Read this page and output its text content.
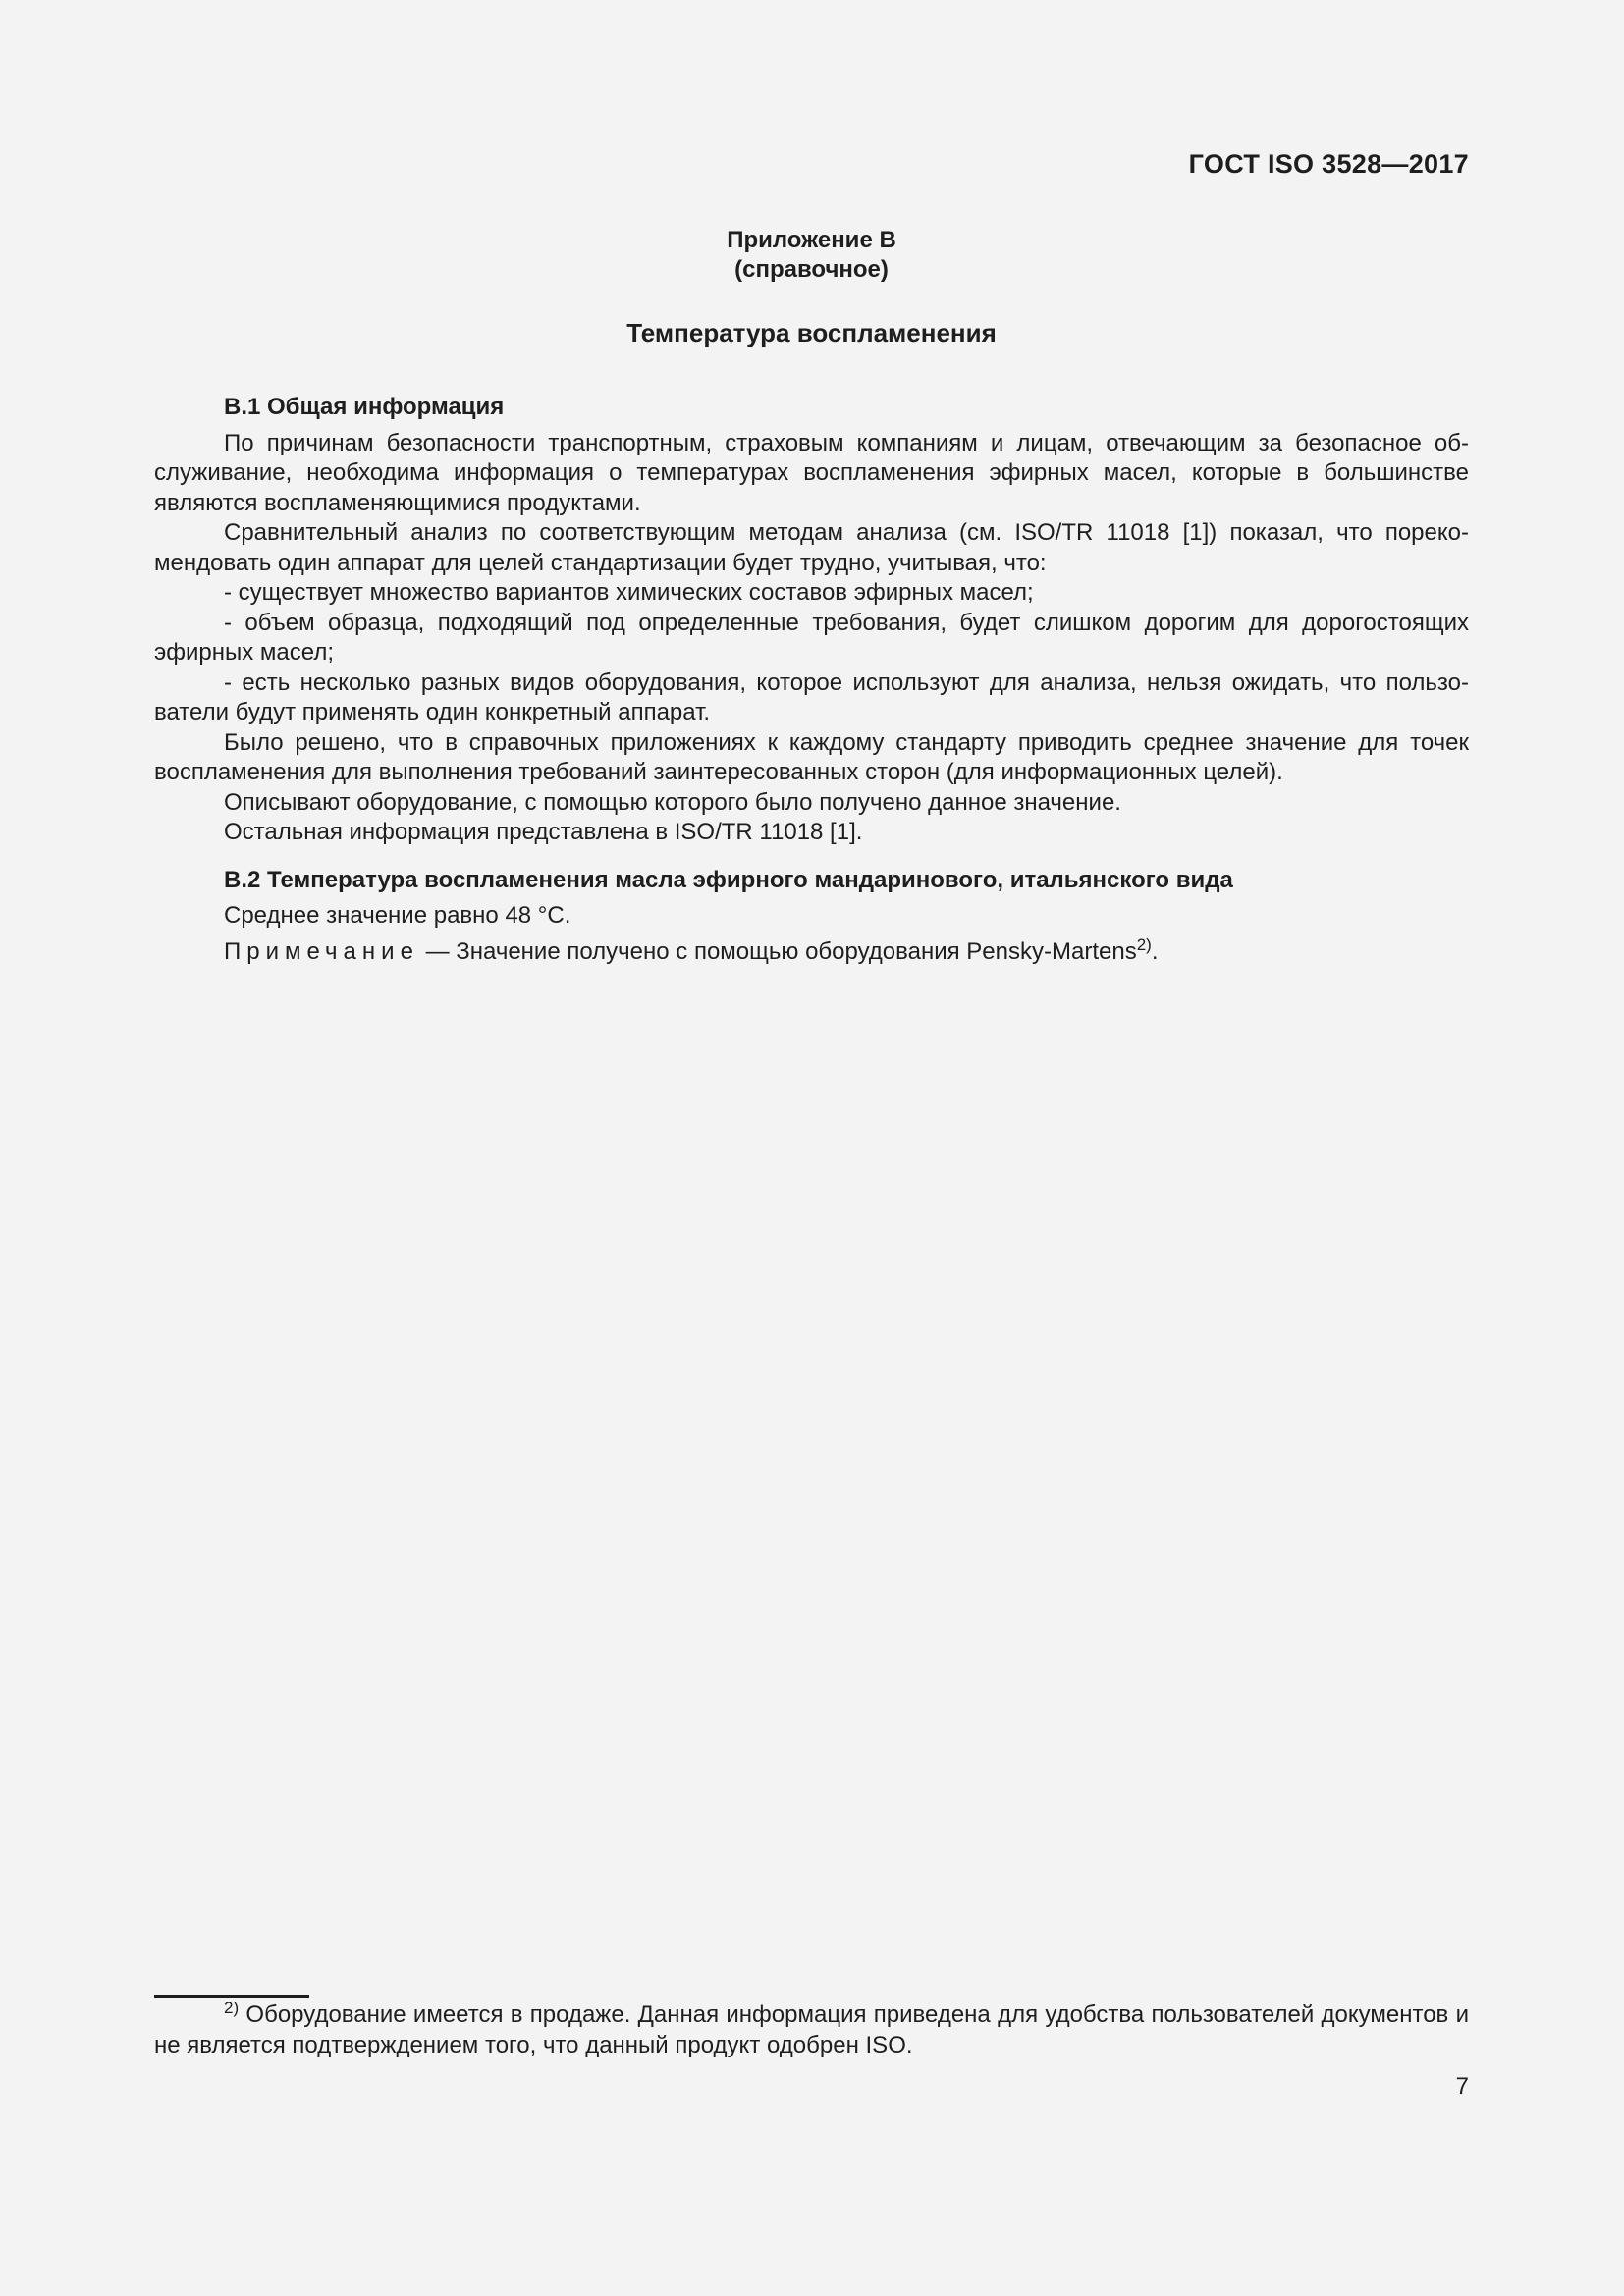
ГОСТ ISO 3528—2017
Приложение В
(справочное)
Температура воспламенения

В.1 Общая информация

По причинам безопасности транспортным, страховым компаниям и лицам, отвечающим за безопасное обслуживание, необходима информация о температурах воспламенения эфирных масел, которые в большинстве являются воспламеняющимися продуктами.

Сравнительный анализ по соответствующим методам анализа (см. ISO/TR 11018 [1]) показал, что порекомендовать один аппарат для целей стандартизации будет трудно, учитывая, что:

- существует множество вариантов химических составов эфирных масел;

- объем образца, подходящий под определенные требования, будет слишком дорогим для дорогостоящих эфирных масел;

- есть несколько разных видов оборудования, которое используют для анализа, нельзя ожидать, что пользователи будут применять один конкретный аппарат.

Было решено, что в справочных приложениях к каждому стандарту приводить среднее значение для точек воспламенения для выполнения требований заинтересованных сторон (для информационных целей).

Описывают оборудование, с помощью которого было получено данное значение.

Остальная информация представлена в ISO/TR 11018 [1].

В.2 Температура воспламенения масла эфирного мандаринового, итальянского вида

Среднее значение равно 48 °С.

Примечание — Значение получено с помощью оборудования Pensky-Martens$^{2)}$.

$^{2)}$ Оборудование имеется в продаже. Данная информация приведена для удобства пользователей документов и не является подтверждением того, что данный продукт одобрен ISO.
7
